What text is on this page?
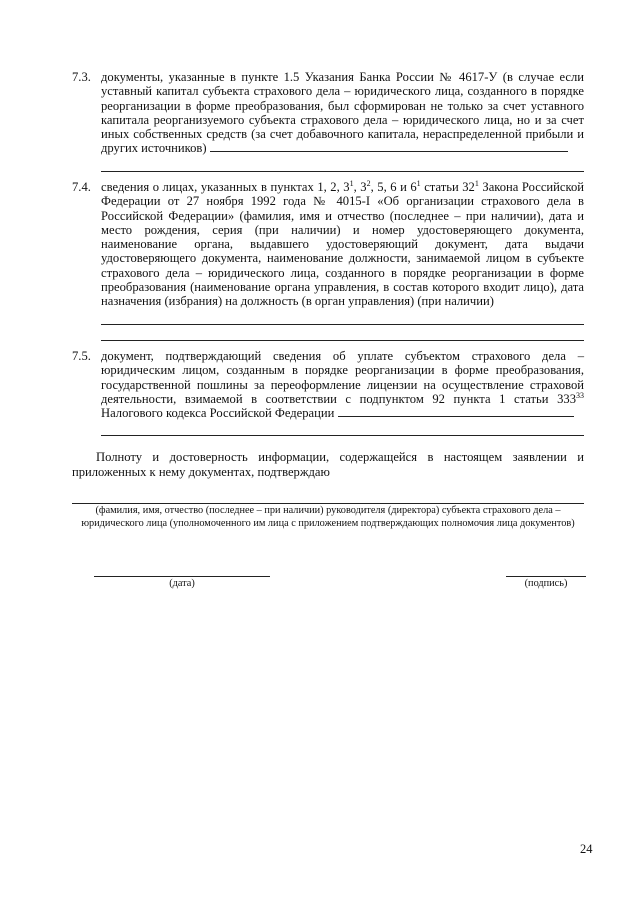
7.3. документы, указанные в пункте 1.5 Указания Банка России № 4617-У (в случае если уставный капитал субъекта страхового дела – юридического лица, созданного в порядке реорганизации в форме преобразования, был сформирован не только за счет уставного капитала реорганизуемого субъекта страхового дела – юридического лица, но и за счет иных собственных средств (за счет добавочного капитала, нераспределенной прибыли и других источников)
7.4. сведения о лицах, указанных в пунктах 1, 2, $3^1$, $3^2$, 5, 6 и $6^1$ статьи $32^1$ Закона Российской Федерации от 27 ноября 1992 года № 4015-I «Об организации страхового дела в Российской Федерации» (фамилия, имя и отчество (последнее – при наличии), дата и место рождения, серия (при наличии) и номер удостоверяющего документа, наименование органа, выдавшего удостоверяющий документ, дата выдачи удостоверяющего документа, наименование должности, занимаемой лицом в субъекте страхового дела – юридического лица, созданного в порядке реорганизации в форме преобразования (наименование органа управления, в состав которого входит лицо), дата назначения (избрания) на должность (в орган управления) (при наличии)
7.5. документ, подтверждающий сведения об уплате субъектом страхового дела – юридическим лицом, созданным в порядке реорганизации в форме преобразования, государственной пошлины за переоформление лицензии на осуществление страховой деятельности, взимаемой в соответствии с подпунктом 92 пункта 1 статьи $333^{33}$ Налогового кодекса Российской Федерации
Полноту и достоверность информации, содержащейся в настоящем заявлении и приложенных к нему документах, подтверждаю
(фамилия, имя, отчество (последнее – при наличии) руководителя (директора) субъекта страхового дела – юридического лица (уполномоченного им лица с приложением подтверждающих полномочия лица документов)
(дата)	(подпись)
24
